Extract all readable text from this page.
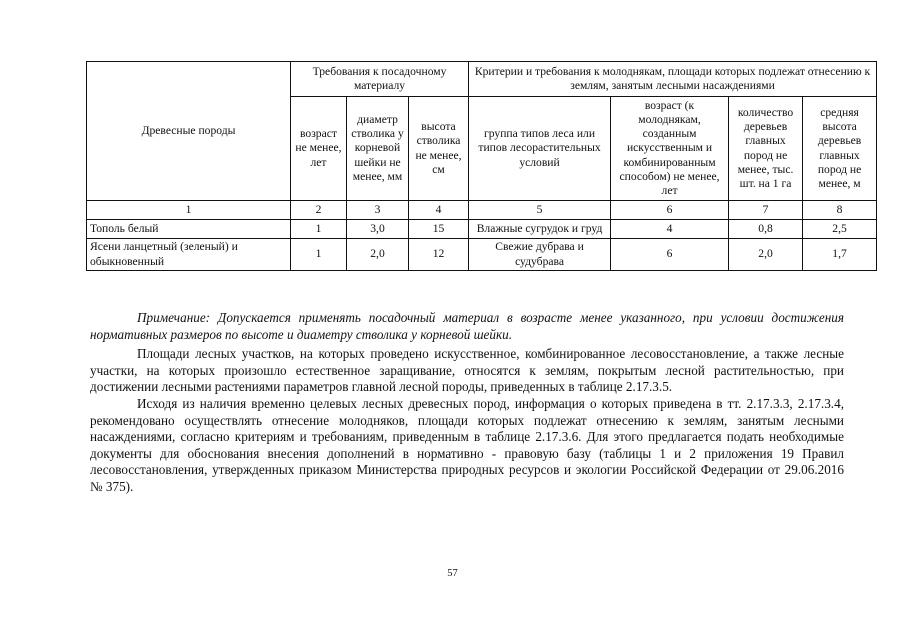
Древесные породы	Требования к посадочному материалу			Критерии и требования к молоднякам, площади которых подлежат отнесению к землям, занятым лесными насаждениями			
	возраст не менее, лет	диаметр стволика у корневой шейки не менее, мм	высота стволика не менее, см	группа типов леса или типов лесорастительных условий	возраст (к молоднякам, созданным искусственным и комбинированным способом) не менее, лет	количество деревьев главных пород не менее, тыс. шт. на 1 га	средняя высота деревьев главных пород не менее, м
1	2	3	4	5	6	7	8
Тополь белый	1	3,0	15	Влажные сугрудок и груд	4	0,8	2,5
Ясени ланцетный (зеленый) и обыкновенный	1	2,0	12	Свежие дубрава и судубрава	6	2,0	1,7

Примечание: Допускается применять посадочный материал в возрасте менее указанного, при условии достижения нормативных размеров по высоте и диаметру стволика у корневой шейки.

Площади лесных участков, на которых проведено искусственное, комбинированное лесовосстановление, а также лесные участки, на которых произошло естественное заращивание, относятся к землям, покрытым лесной растительностью, при достижении лесными растениями параметров главной лесной породы, приведенных в таблице 2.17.3.5.

Исходя из наличия временно целевых лесных древесных пород, информация о которых приведена в тт. 2.17.3.3, 2.17.3.4, рекомендовано осуществлять отнесение молодняков, площади которых подлежат отнесению к землям, занятым лесными насаждениями, согласно критериям и требованиям, приведенным в таблице 2.17.3.6. Для этого предлагается подать необходимые документы для обоснования внесения дополнений в нормативно - правовую базу (таблицы 1 и 2 приложения 19 Правил лесовосстановления, утвержденных приказом Министерства природных ресурсов и экологии Российской Федерации от 29.06.2016 № 375).

57
